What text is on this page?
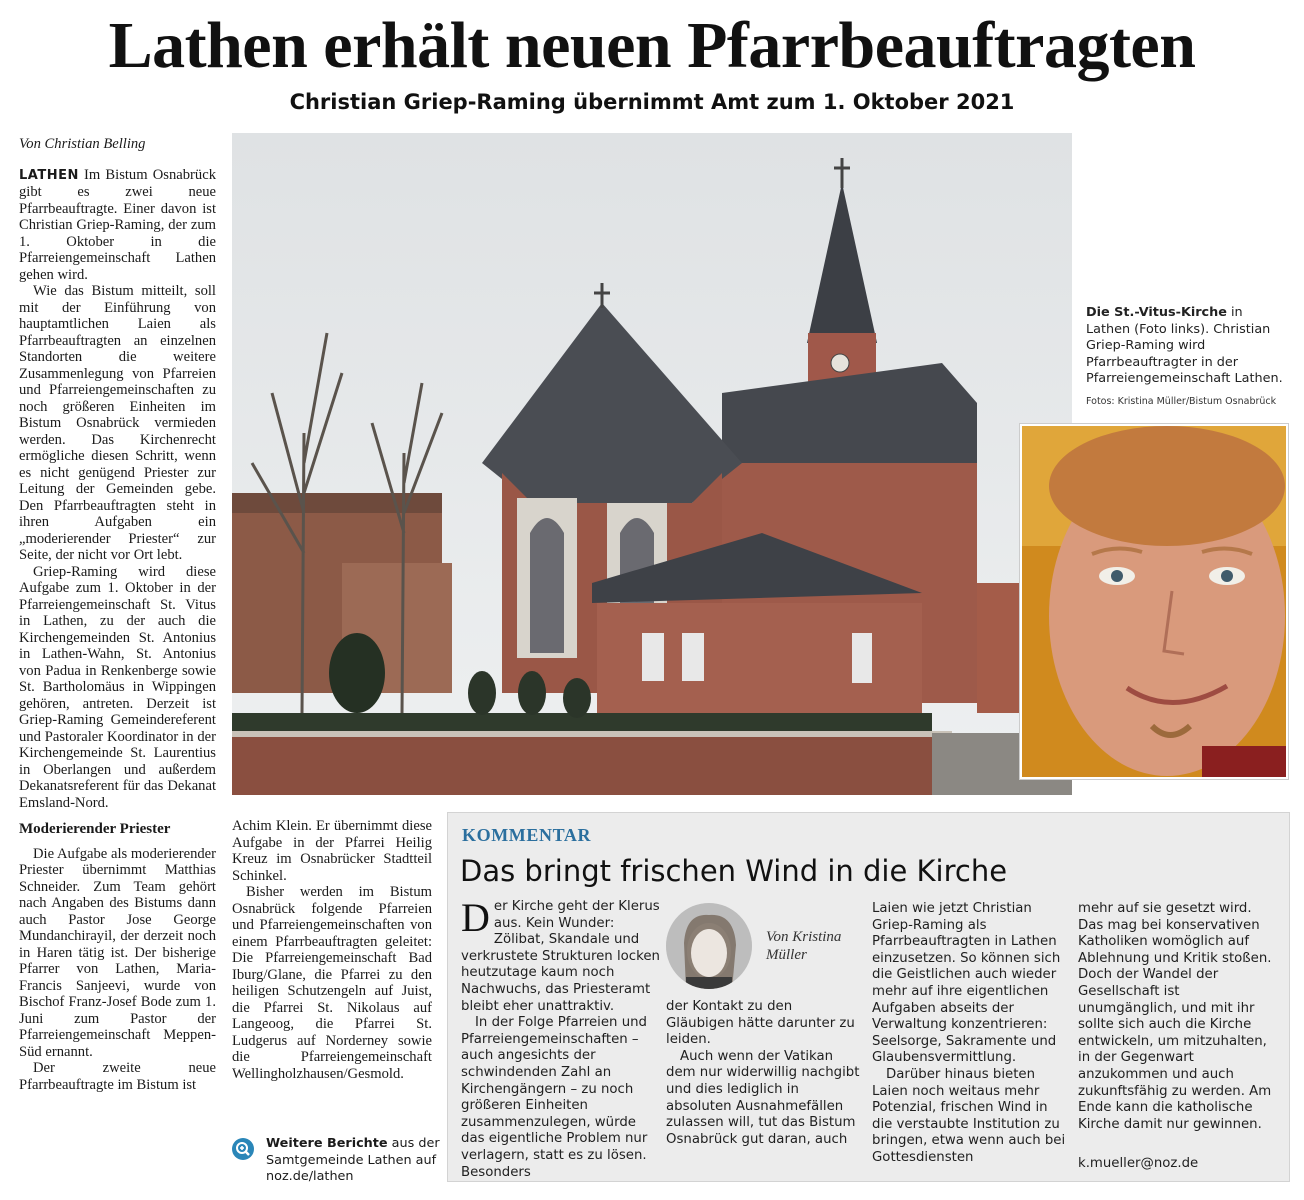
Lathen erhält neuen Pfarrbeauftragten
Christian Griep-Raming übernimmt Amt zum 1. Oktober 2021

Von Christian Belling

LATHEN Im Bistum Osnabrück gibt es zwei neue Pfarrbeauftragte. Einer davon ist Christian Griep-Raming, der zum 1. Oktober in die Pfarreiengemeinschaft Lathen gehen wird.

Wie das Bistum mitteilt, soll mit der Einführung von hauptamtlichen Laien als Pfarrbeauftragten an einzelnen Standorten die weitere Zusammenlegung von Pfarreien und Pfarreiengemeinschaften zu noch größeren Einheiten im Bistum Osnabrück vermieden werden. Das Kirchenrecht ermögliche diesen Schritt, wenn es nicht genügend Priester zur Leitung der Gemeinden gebe. Den Pfarrbeauftragten steht in ihren Aufgaben ein „moderierender Priester“ zur Seite, der nicht vor Ort lebt.

Griep-Raming wird diese Aufgabe zum 1. Oktober in der Pfarreiengemeinschaft St. Vitus in Lathen, zu der auch die Kirchengemeinden St. Antonius in Lathen-Wahn, St. Antonius von Padua in Renkenberge sowie St. Bartholomäus in Wippingen gehören, antreten. Derzeit ist Griep-Raming Gemeindereferent und Pastoraler Koordinator in der Kirchengemeinde St. Laurentius in Oberlangen und außerdem Dekanatsreferent für das Dekanat Emsland-Nord.

Moderierender Priester

Die Aufgabe als moderierender Priester übernimmt Matthias Schneider. Zum Team gehört nach Angaben des Bistums dann auch Pastor Jose George Mundanchirayil, der derzeit noch in Haren tätig ist. Der bisherige Pfarrer von Lathen, Maria-Francis Sanjeevi, wurde von Bischof Franz-Josef Bode zum 1. Juni zum Pastor der Pfarreiengemeinschaft Meppen-Süd ernannt.

Der zweite neue Pfarrbeauftragte im Bistum ist

Die St.-Vitus-Kirche in Lathen (Foto links). Christian Griep-Raming wird Pfarrbeauftragter in der Pfarreiengemeinschaft Lathen.
Fotos: Kristina Müller/Bistum Osnabrück

Achim Klein. Er übernimmt diese Aufgabe in der Pfarrei Heilig Kreuz im Osnabrücker Stadtteil Schinkel.

Bisher werden im Bistum Osnabrück folgende Pfarreien und Pfarreiengemeinschaften von einem Pfarrbeauftragten geleitet: Die Pfarreiengemeinschaft Bad Iburg/Glane, die Pfarrei zu den heiligen Schutzengeln auf Juist, die Pfarrei St. Nikolaus auf Langeoog, die Pfarrei St. Ludgerus auf Norderney sowie die Pfarreiengemeinschaft Wellingholzhausen/Gesmold.

Weitere Berichte aus der Samtgemeinde Lathen auf noz.de/lathen
KOMMENTAR
Das bringt frischen Wind in die Kirche

Der Kirche geht der Klerus aus. Kein Wunder: Zölibat, Skandale und verkrustete Strukturen locken heutzutage kaum noch Nachwuchs, das Priesteramt bleibt eher unattraktiv.

In der Folge Pfarreien und Pfarreiengemeinschaften – auch angesichts der schwindenden Zahl an Kirchengängern – zu noch größeren Einheiten zusammenzulegen, würde das eigentliche Problem nur verlagern, statt es zu lösen. Besonders

Von Kristina Müller

der Kontakt zu den Gläubigen hätte darunter zu leiden.

Auch wenn der Vatikan dem nur widerwillig nachgibt und dies lediglich in absoluten Ausnahmefällen zulassen will, tut das Bistum Osnabrück gut daran, auch

Laien wie jetzt Christian Griep-Raming als Pfarrbeauftragten in Lathen einzusetzen. So können sich die Geistlichen auch wieder mehr auf ihre eigentlichen Aufgaben abseits der Verwaltung konzentrieren: Seelsorge, Sakramente und Glaubensvermittlung.

Darüber hinaus bieten Laien noch weitaus mehr Potenzial, frischen Wind in die verstaubte Institution zu bringen, etwa wenn auch bei Gottesdiensten

mehr auf sie gesetzt wird. Das mag bei konservativen Katholiken womöglich auf Ablehnung und Kritik stoßen. Doch der Wandel der Gesellschaft ist unumgänglich, und mit ihr sollte sich auch die Kirche entwickeln, um mitzuhalten, in der Gegenwart anzukommen und auch zukunftsfähig zu werden. Am Ende kann die katholische Kirche damit nur gewinnen.

k.mueller@noz.de
